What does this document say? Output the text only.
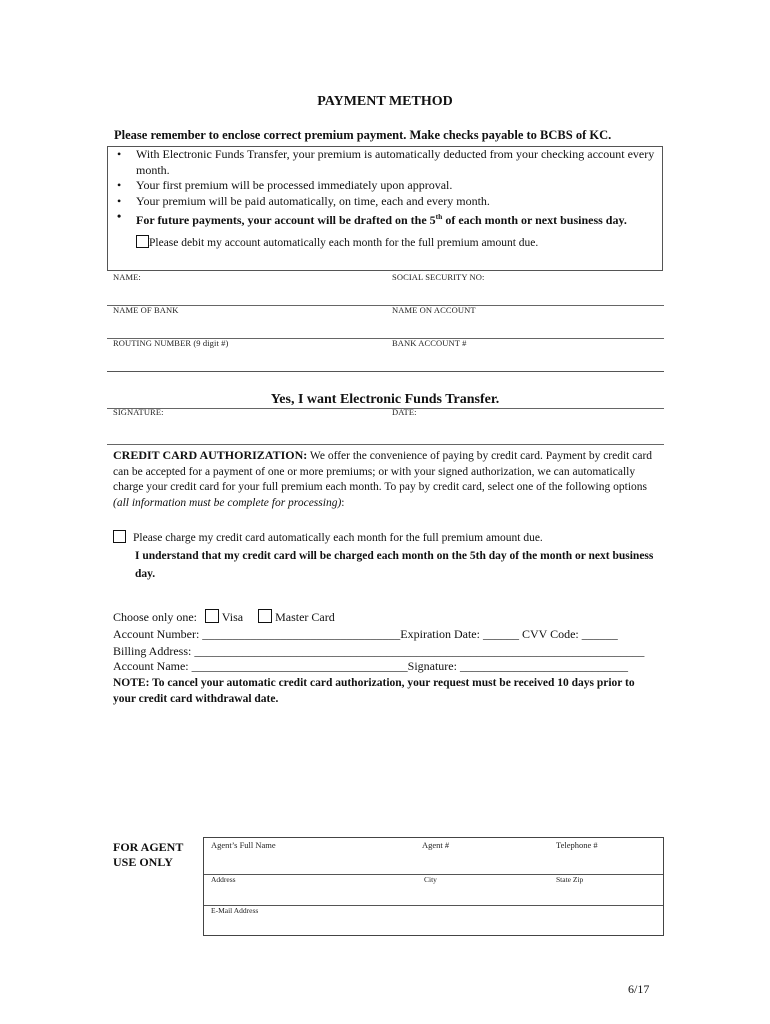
PAYMENT METHOD
Please remember to enclose correct premium payment. Make checks payable to BCBS of KC.
• With Electronic Funds Transfer, your premium is automatically deducted from your checking account every month.
• Your first premium will be processed immediately upon approval.
• Your premium will be paid automatically, on time, each and every month.
• For future payments, your account will be drafted on the 5th of each month or next business day.
Please debit my account automatically each month for the full premium amount due.
NAME:	SOCIAL SECURITY NO:
NAME OF BANK	NAME ON ACCOUNT
ROUTING NUMBER (9 digit #)	BANK ACCOUNT #
Yes, I want Electronic Funds Transfer.
SIGNATURE:	DATE:
CREDIT CARD AUTHORIZATION: We offer the convenience of paying by credit card. Payment by credit card can be accepted for a payment of one or more premiums; or with your signed authorization, we can automatically charge your credit card for your full premium each month. To pay by credit card, select one of the following options (all information must be complete for processing):
Please charge my credit card automatically each month for the full premium amount due.
I understand that my credit card will be charged each month on the 5th day of the month or next business day.
Choose only one: Visa	Master Card
Account Number: _________________________________Expiration Date: ______ CVV Code: ______
Billing Address: ___________________________________________________________________________
Account Name: ____________________________________Signature: ____________________________
NOTE: To cancel your automatic credit card authorization, your request must be received 10 days prior to your credit card withdrawal date.
FOR AGENT
USE ONLY
Agent’s Full Name	Agent #	Telephone #
Address	City	State Zip
E-Mail Address
6/17
